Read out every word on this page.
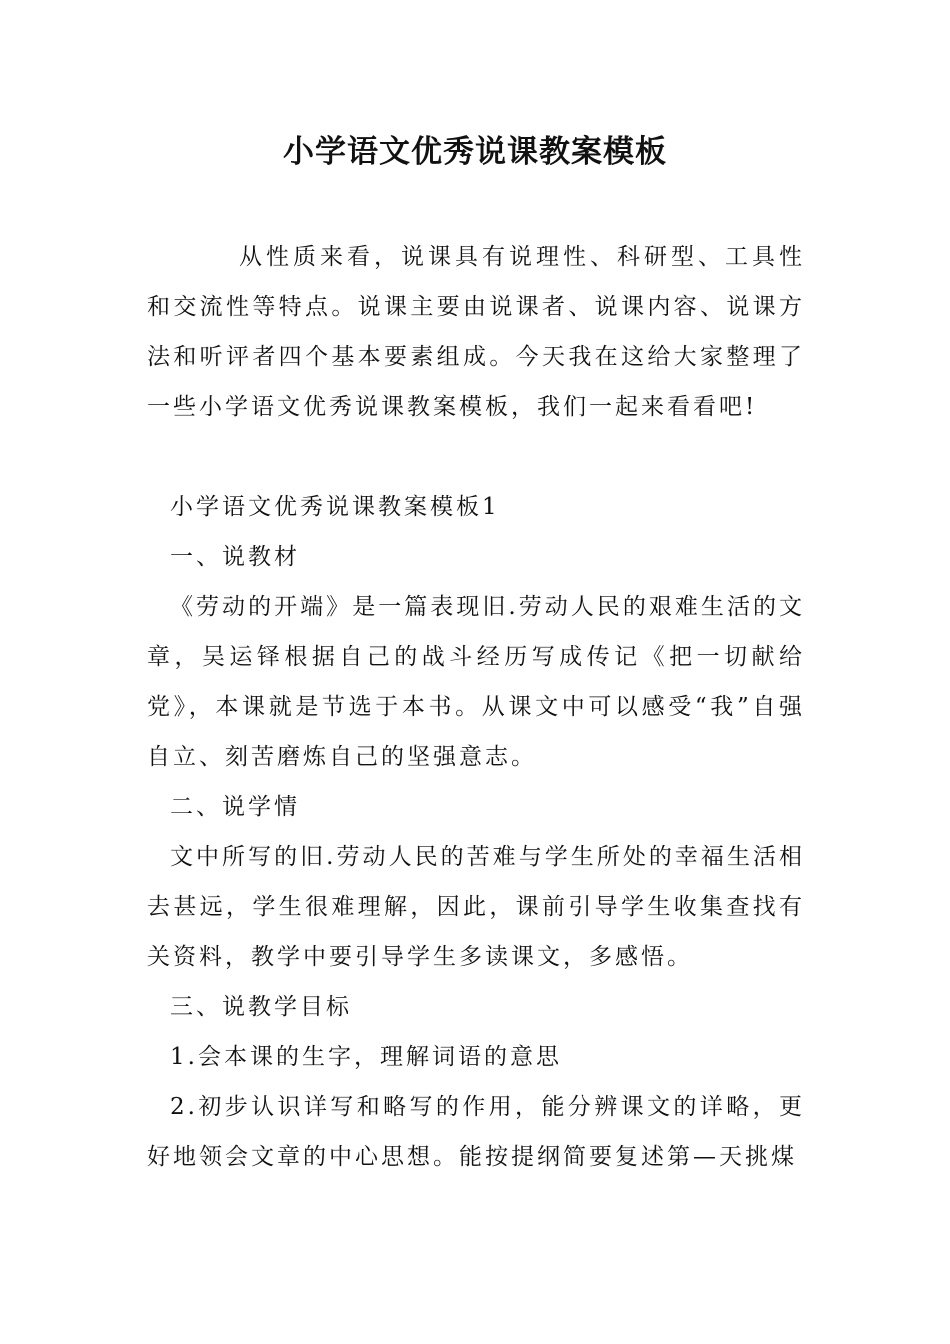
小学语文优秀说课教案模板

从性质来看，说课具有说理性、科研型、工具性和交流性等特点。说课主要由说课者、说课内容、说课方法和听评者四个基本要素组成。今天我在这给大家整理了一些小学语文优秀说课教案模板，我们一起来看看吧!

小学语文优秀说课教案模板1

一、说教材

《劳动的开端》是一篇表现旧.劳动人民的艰难生活的文章，吴运铎根据自己的战斗经历写成传记《把一切献给党》，本课就是节选于本书。从课文中可以感受“我”自强自立、刻苦磨炼自己的坚强意志。

二、说学情

文中所写的旧.劳动人民的苦难与学生所处的幸福生活相去甚远，学生很难理解，因此，课前引导学生收集查找有关资料，教学中要引导学生多读课文，多感悟。

三、说教学目标

1.会本课的生字，理解词语的意思

2.初步认识详写和略写的作用，能分辨课文的详略，更好地领会文章的中心思想。能按提纲简要复述第—天挑煤
